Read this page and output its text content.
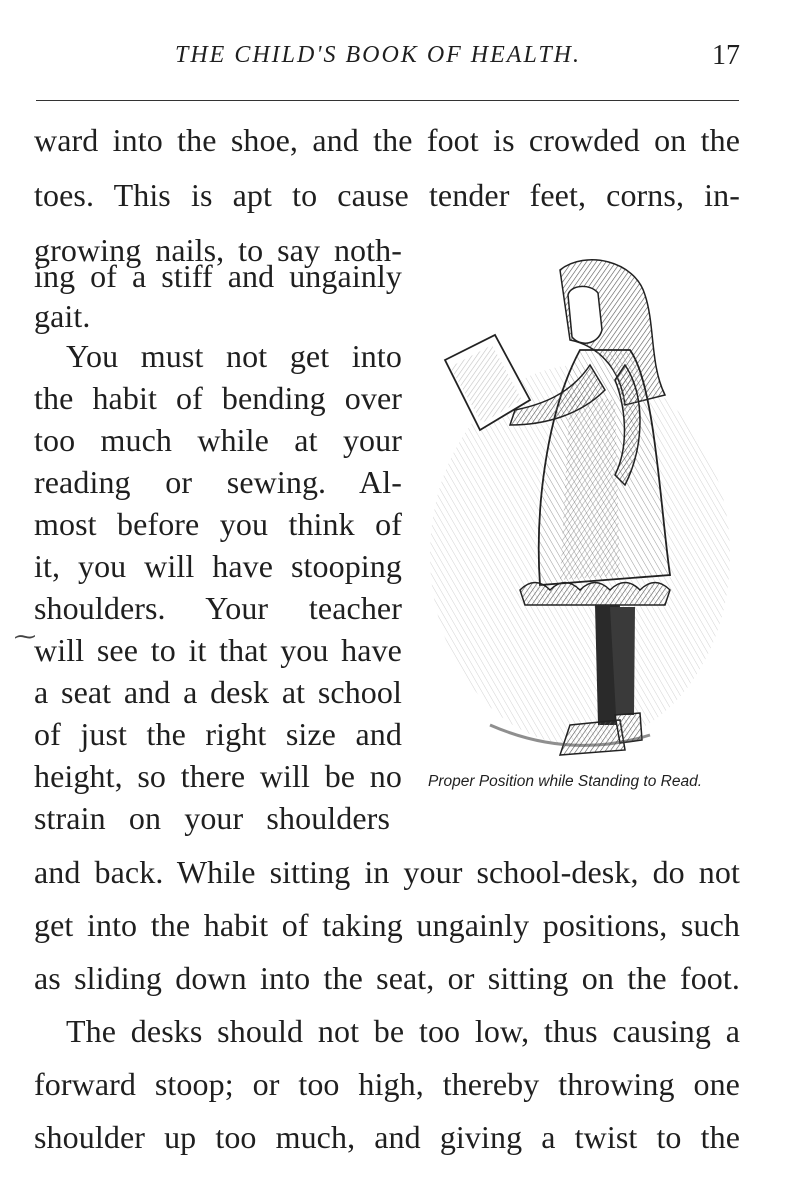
THE CHILD'S BOOK OF HEALTH.	17
ward into the shoe, and the foot is crowded on the
toes. This is apt to cause tender feet, corns, in-
growing nails, to say noth-
ing of a stiff and ungainly
gait.
You must not get into
the habit of bending over
too much while at your
reading or sewing. Al-
most before you think of
it, you will have stooping
shoulders. Your teacher
will see to it that you have
a seat and a desk at school
of just the right size and
height, so there will be no
strain on your shoulders
and back. While sitting in your school-desk, do not
get into the habit of taking ungainly positions, such
as sliding down into the seat, or sitting on the foot.
The desks should not be too low, thus causing a
forward stoop; or too high, thereby throwing one
shoulder up too much, and giving a twist to the
⁓
Proper Position while Standing to Read.
